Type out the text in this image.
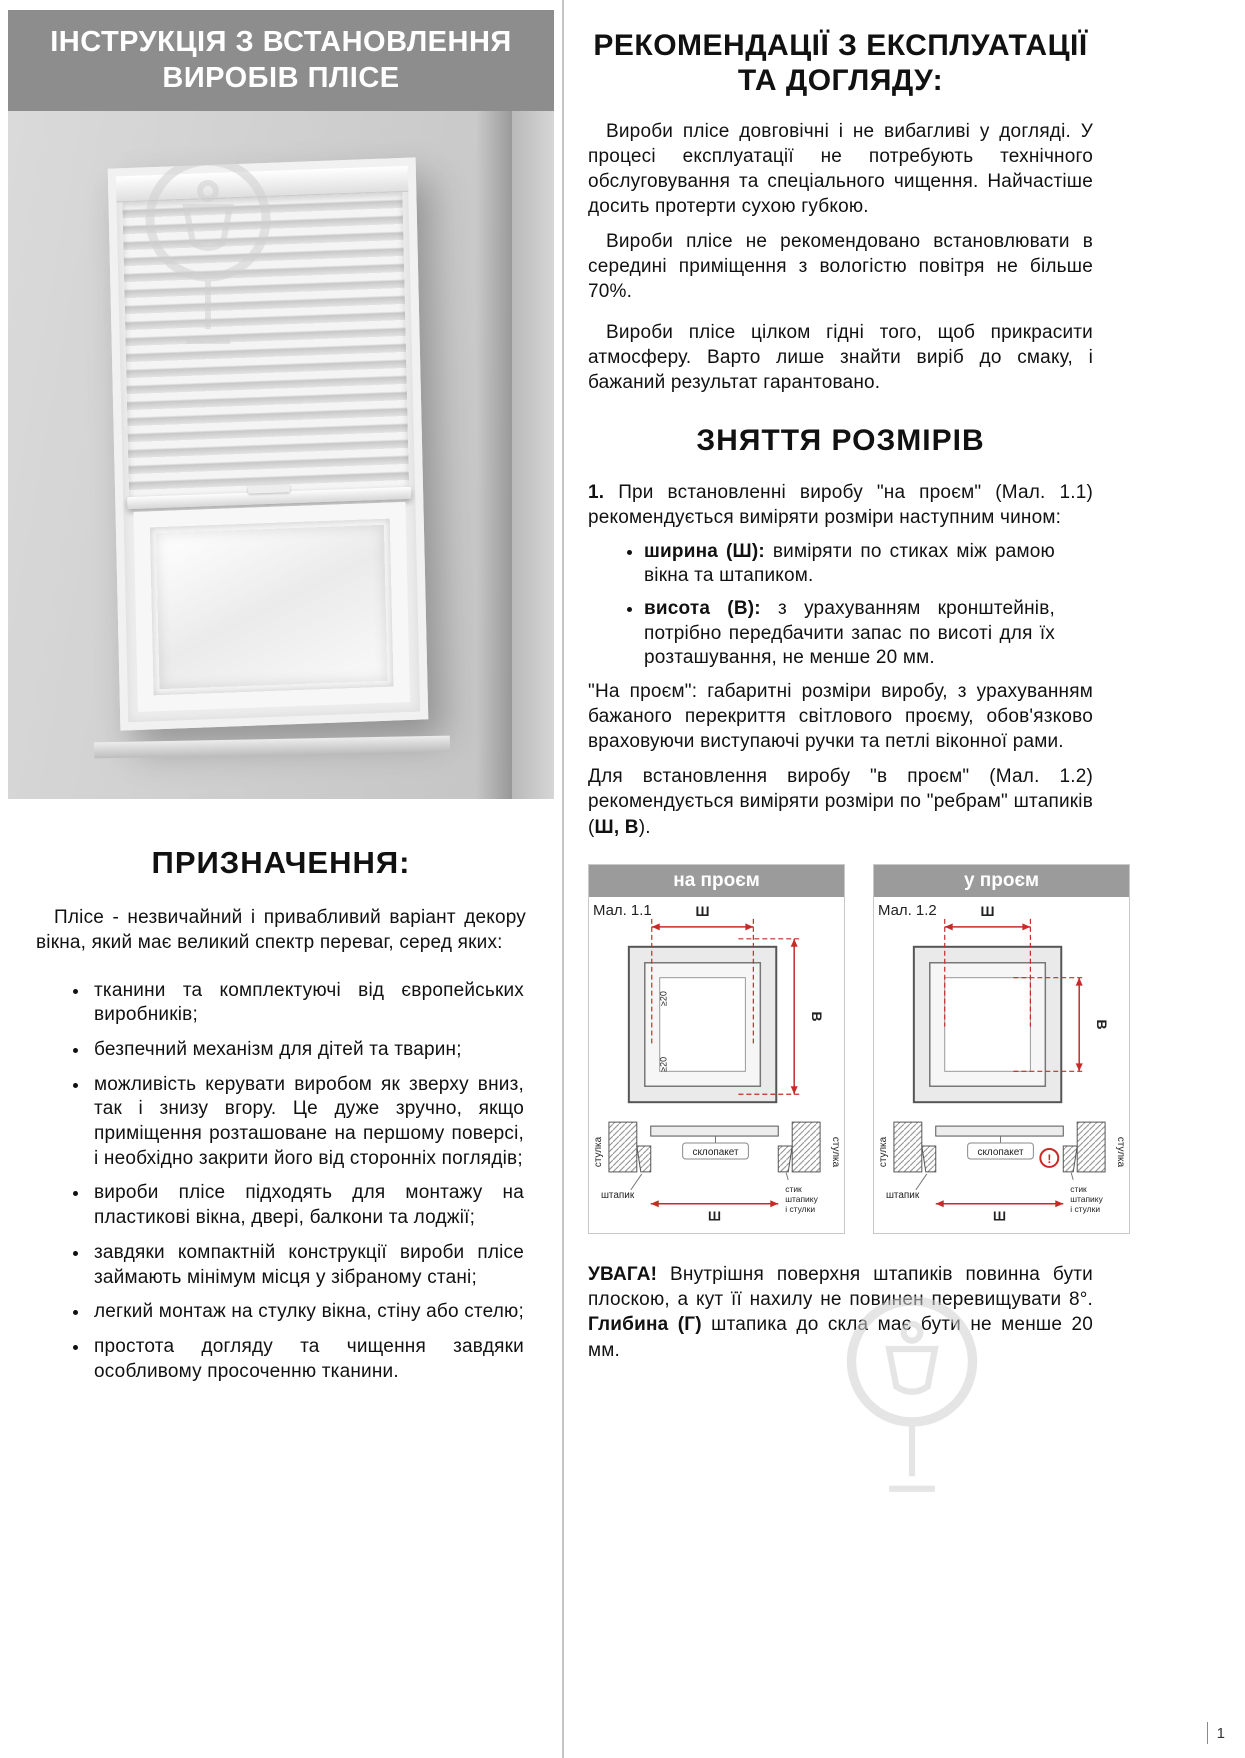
ІНСТРУКЦІЯ З ВСТАНОВЛЕННЯ
ВИРОБІВ ПЛІСЕ
ПРИЗНАЧЕННЯ:

Плісе - незвичайний і привабливий варіант декору вікна, який має великий спектр переваг, серед яких:

• тканини та комплектуючі від європейських виробників;
• безпечний механізм для дітей та тварин;
• можливість керувати виробом як зверху вниз, так і знизу вгору. Це дуже зручно, якщо приміщення розташоване на першому поверсі, і необхідно закрити його від сторонніх поглядів;
• вироби плісе підходять для монтажу на пластикові вікна, двері, балкони та лоджії;
• завдяки компактній конструкції вироби плісе займають мінімум місця у зібраному стані;
• легкий монтаж на стулку вікна, стіну або стелю;
• простота догляду та чищення завдяки особливому просоченню тканини.
РЕКОМЕНДАЦІЇ З ЕКСПЛУАТАЦІЇ
ТА ДОГЛЯДУ:

Вироби плісе довговічні і не вибагливі у догляді. У процесі експлуатації не потребують технічного обслуговування та спеціального чищення. Найчастіше досить протерти сухою губкою.

Вироби плісе не рекомендовано встановлювати в середині приміщення з вологістю повітря не більше 70%.

Вироби плісе цілком гідні того, щоб прикрасити атмосферу. Варто лише знайти виріб до смаку, і бажаний результат гарантовано.

ЗНЯТТЯ РОЗМІРІВ

1. При встановленні виробу "на проєм" (Мал. 1.1) рекомендується виміряти розміри наступним чином:

• ширина (Ш): виміряти по стиках між рамою вікна та штапиком.
• висота (В): з урахуванням кронштейнів, потрібно передбачити запас по висоті для їх розташування, не менше 20 мм.

"На проєм": габаритні розміри виробу, з урахуванням бажаного перекриття світлового проєму, обов'язково враховуючи виступаючі ручки та петлі віконної рами.

Для встановлення виробу "в проєм" (Мал. 1.2) рекомендується виміряти розміри по "ребрам" штапиків (Ш, В).

на проєм
Мал. 1.1	Ш
В
≥20
≥20
стулка	стулка
склопакет
штапик
Ш
стик
штапику
і стулки
у проєм
Мал. 1.2	Ш
В
стулка	стулка
склопакет !
штапик
Ш
стик
штапику
і стулки

УВАГА! Внутрішня поверхня штапиків повинна бути плоскою, а кут її нахилу не повинен перевищувати 8°. Глибина (Г) штапика до скла має бути не менше 20 мм.

1
